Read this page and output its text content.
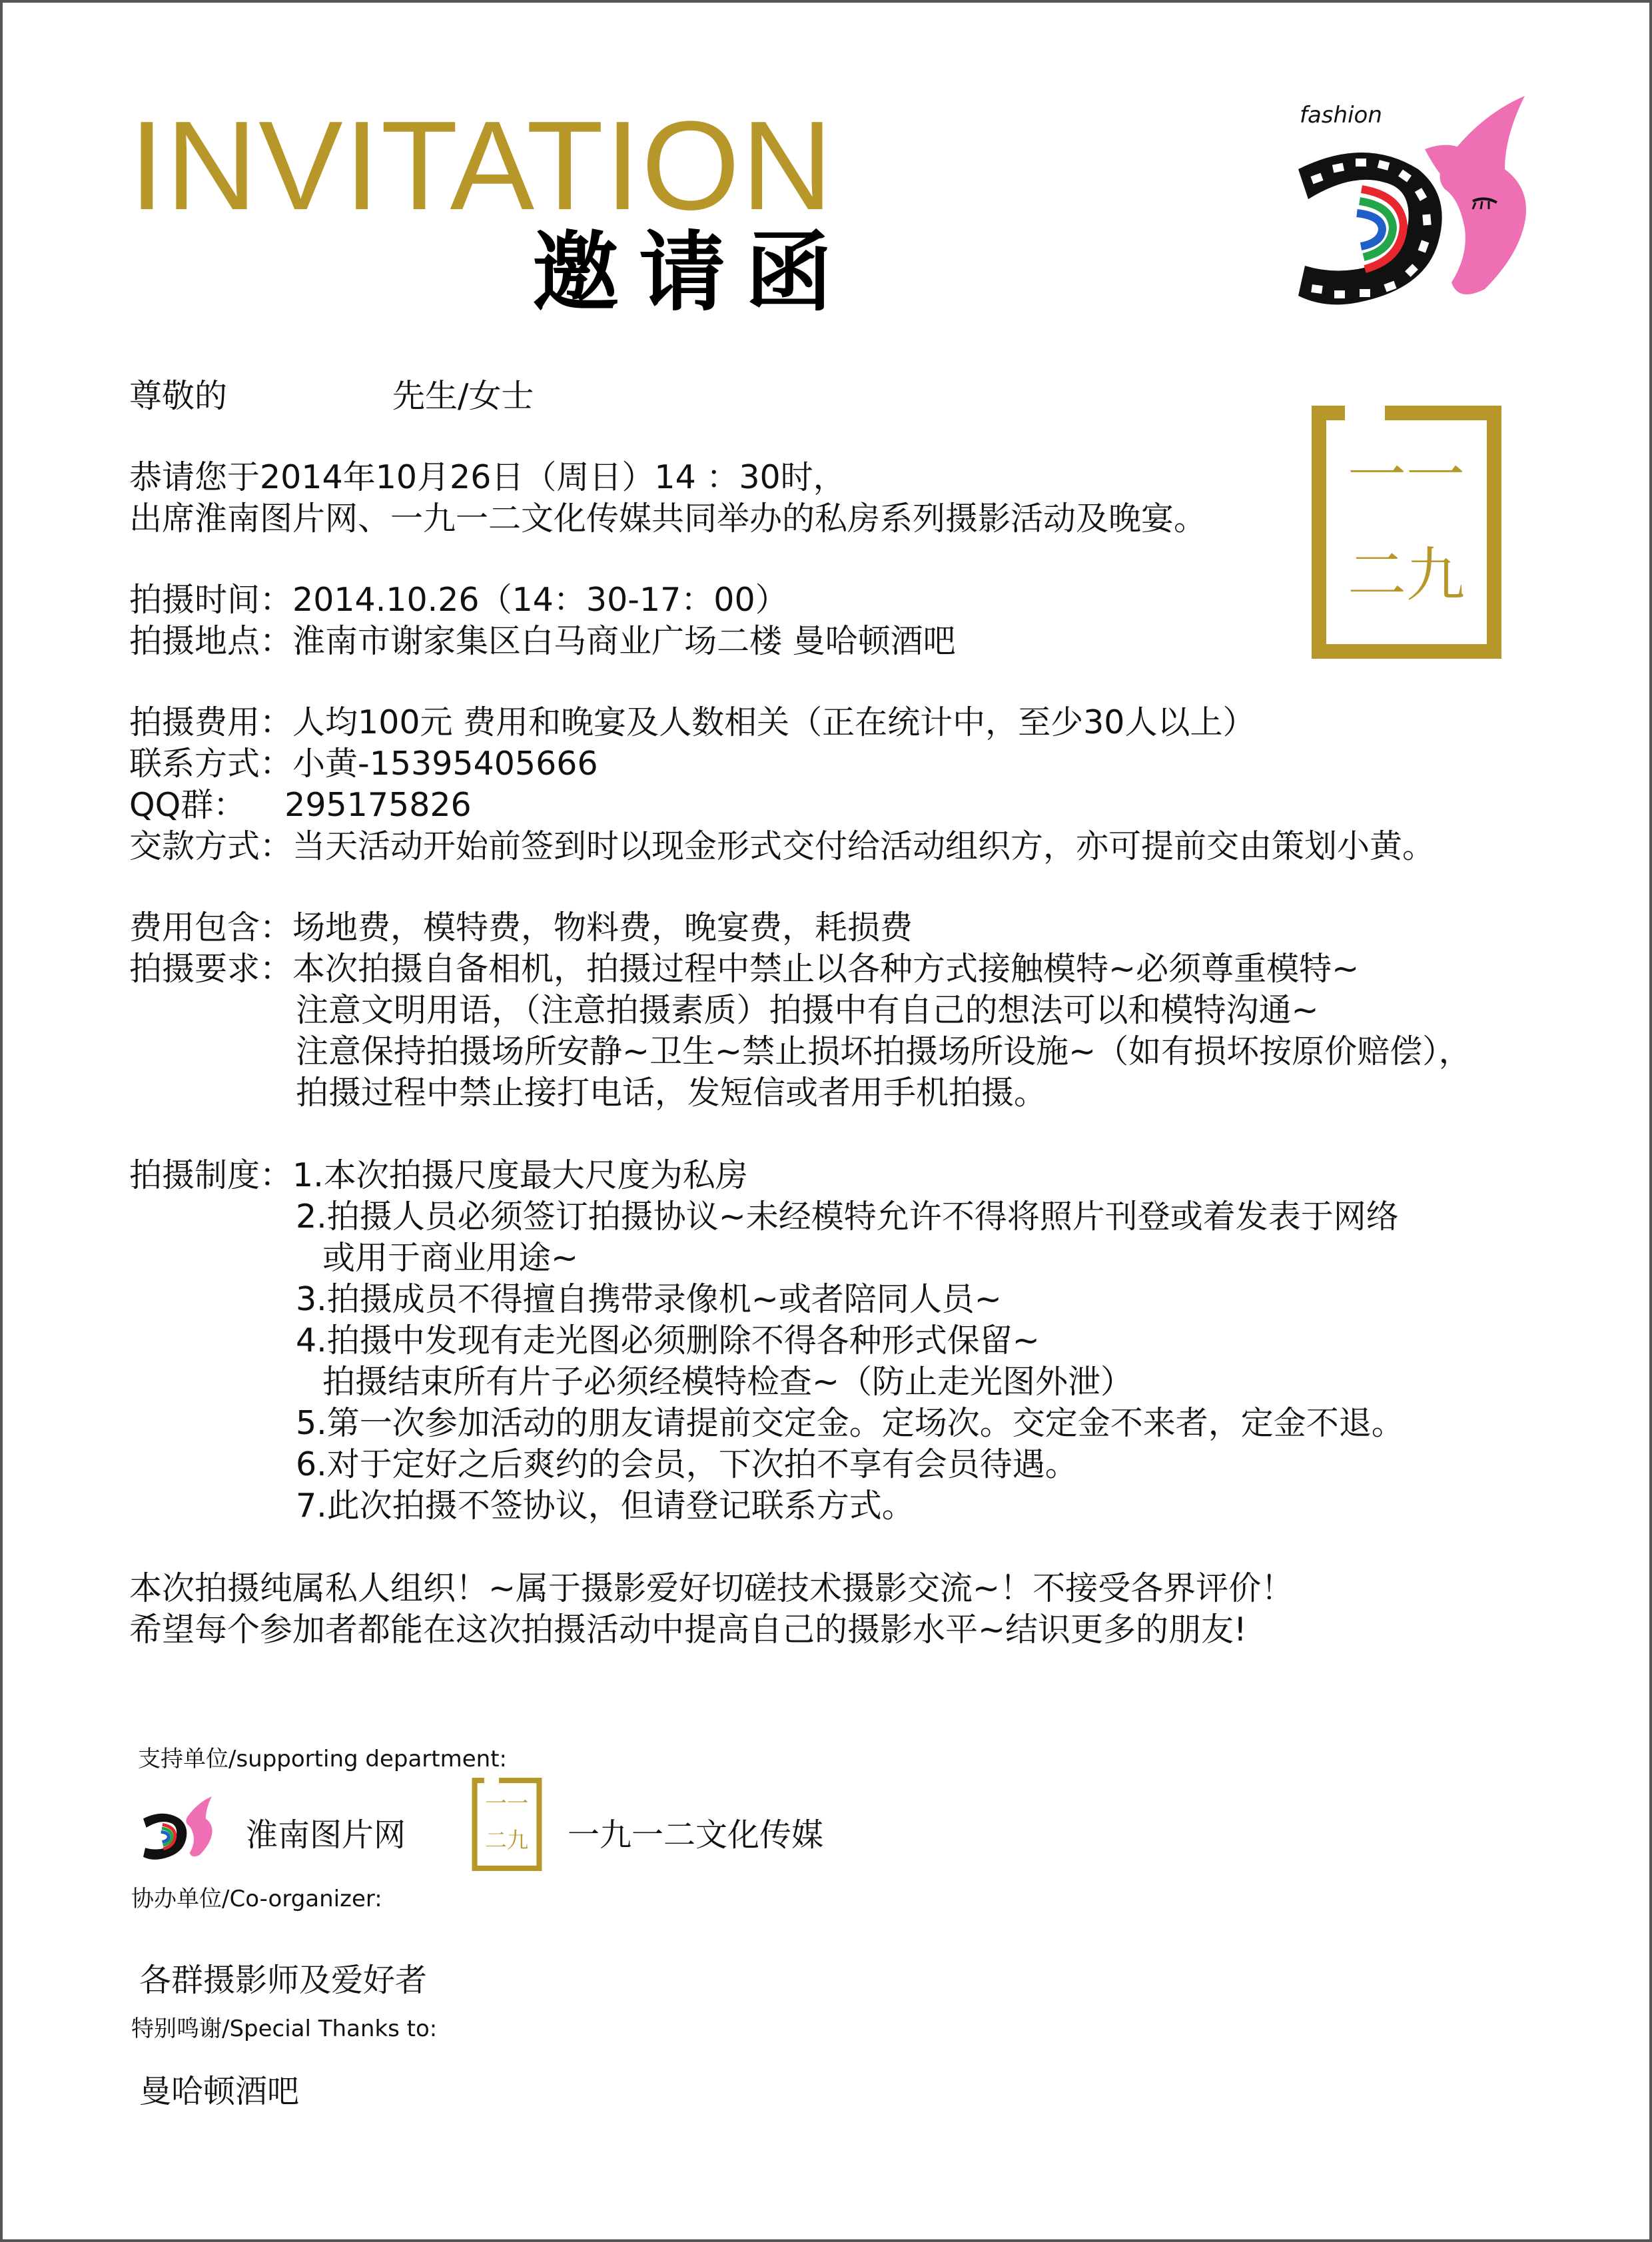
INVITATION
邀请函
fashion
一一
二九
尊敬的	先生/女士
恭请您于2014年10月26日（周日）14 ：30时，
出席淮南图片网、一九一二文化传媒共同举办的私房系列摄影活动及晚宴。
拍摄时间：2014.10.26（14：30-17：00）
拍摄地点：淮南市谢家集区白马商业广场二楼 曼哈顿酒吧
拍摄费用：人均100元 费用和晚宴及人数相关（正在统计中，至少30人以上）
联系方式：小黄-15395405666
QQ群： 295175826
交款方式：当天活动开始前签到时以现金形式交付给活动组织方，亦可提前交由策划小黄。
费用包含：场地费，模特费，物料费，晚宴费，耗损费
拍摄要求：本次拍摄自备相机，拍摄过程中禁止以各种方式接触模特~必须尊重模特~
注意文明用语，（注意拍摄素质）拍摄中有自己的想法可以和模特沟通~
注意保持拍摄场所安静~卫生~禁止损坏拍摄场所设施~（如有损坏按原价赔偿），
拍摄过程中禁止接打电话，发短信或者用手机拍摄。
拍摄制度：1.本次拍摄尺度最大尺度为私房
2.拍摄人员必须签订拍摄协议~未经模特允许不得将照片刊登或着发表于网络
或用于商业用途~
3.拍摄成员不得擅自携带录像机~或者陪同人员~
4.拍摄中发现有走光图必须删除不得各种形式保留~
拍摄结束所有片子必须经模特检查~（防止走光图外泄）
5.第一次参加活动的朋友请提前交定金。定场次。交定金不来者，定金不退。
6.对于定好之后爽约的会员，下次拍不享有会员待遇。
7.此次拍摄不签协议，但请登记联系方式。
本次拍摄纯属私人组织！~属于摄影爱好切磋技术摄影交流~！不接受各界评价！
希望每个参加者都能在这次拍摄活动中提高自己的摄影水平~结识更多的朋友!
支持单位/supporting department:
淮南图片网
一一
二九 一九一二文化传媒
协办单位/Co-organizer:
各群摄影师及爱好者
特别鸣谢/Special Thanks to:
曼哈顿酒吧
